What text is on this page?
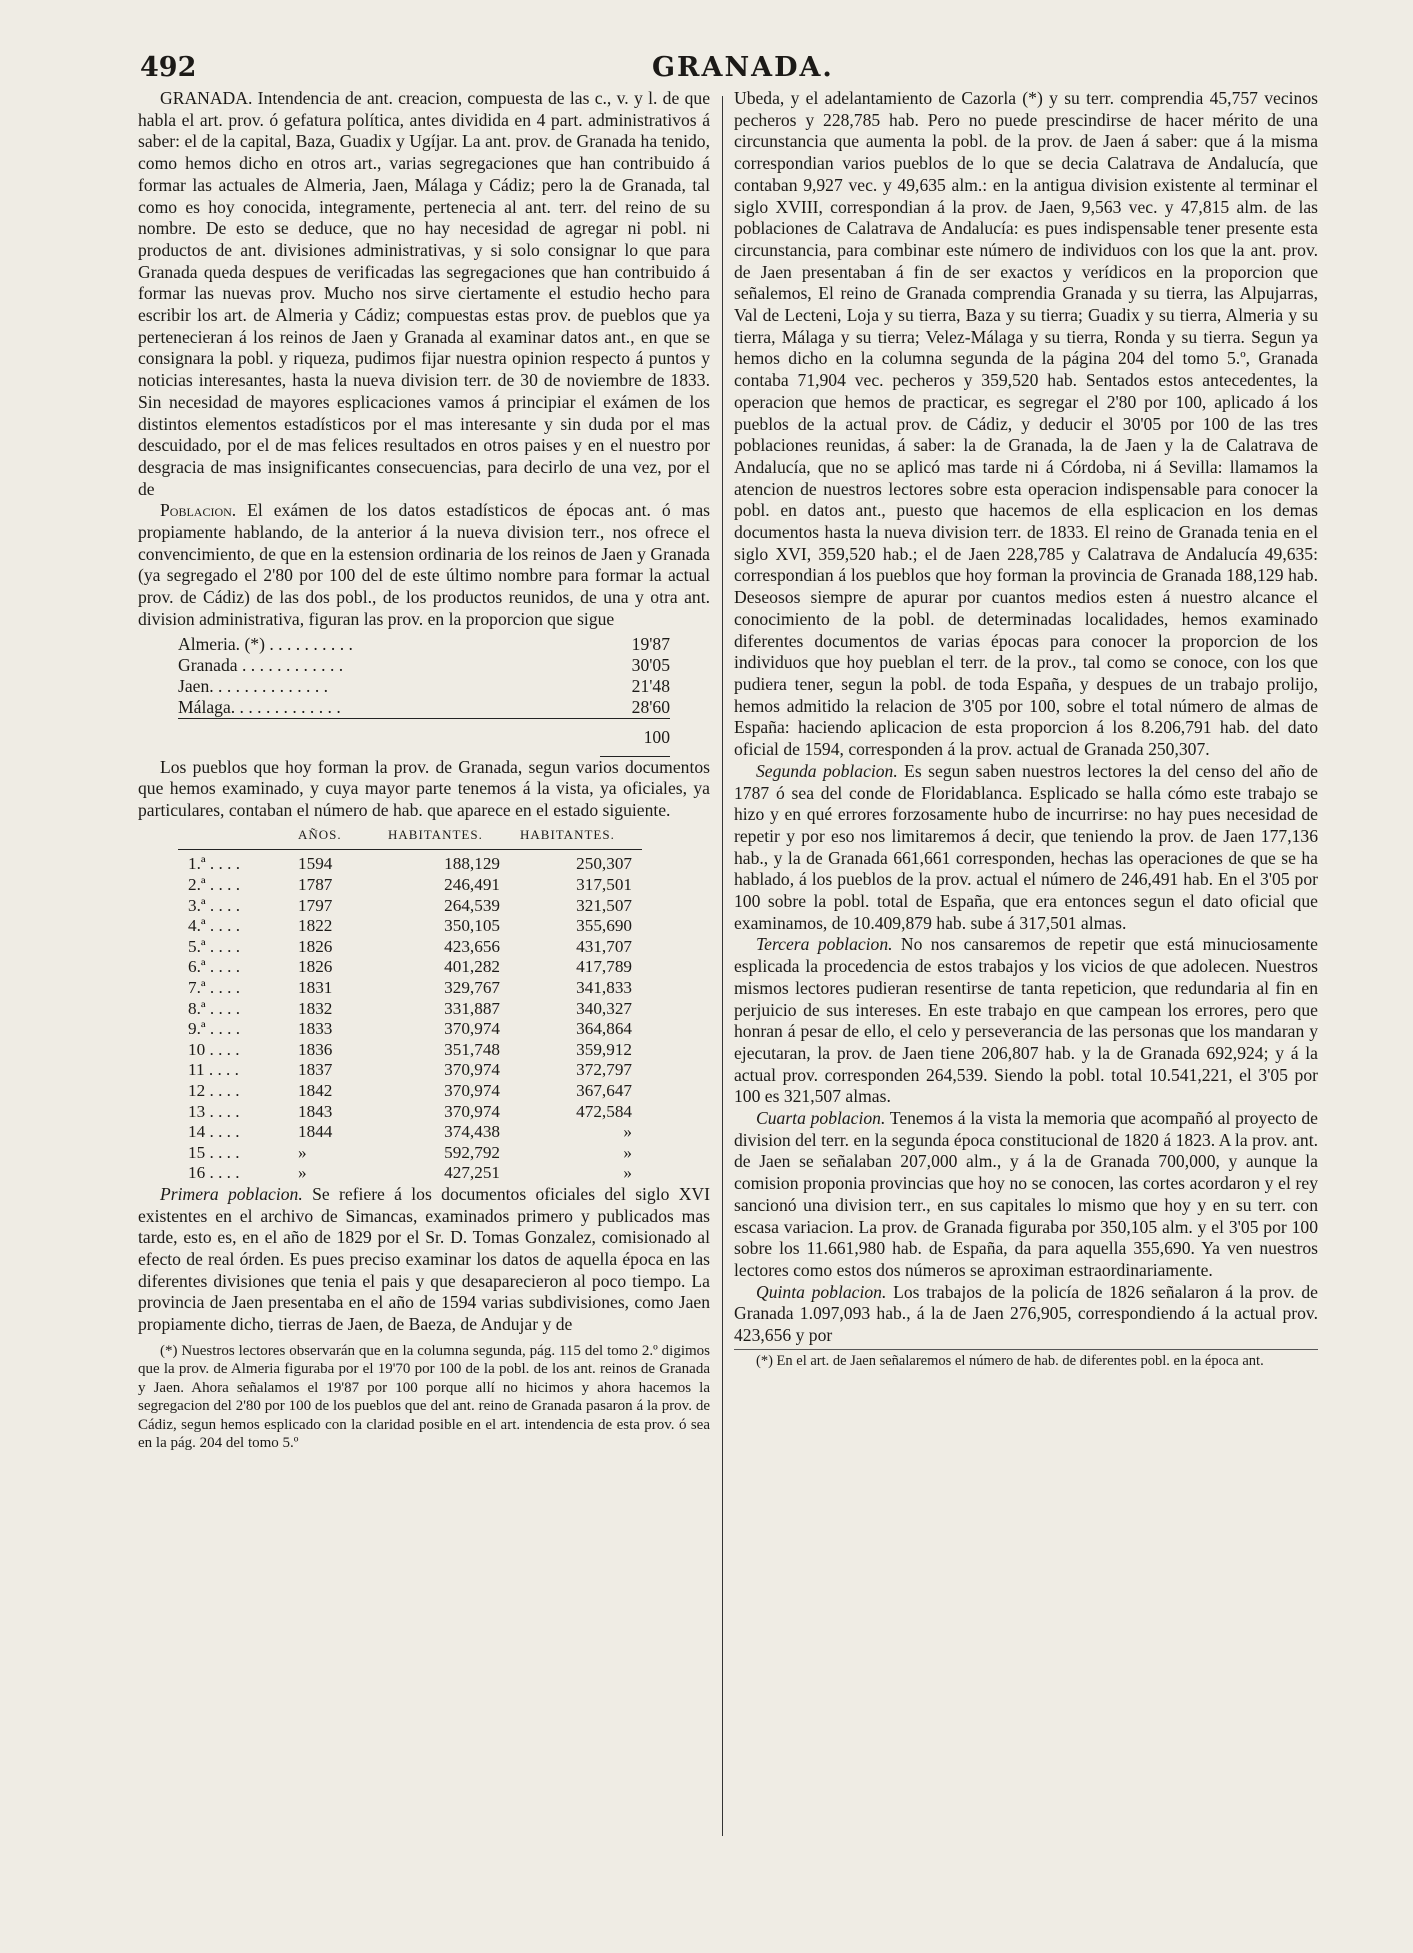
492	GRANADA.

GRANADA. Intendencia de ant. creacion, compuesta de las c., v. y l. de que habla el art. prov. ó gefatura política, antes dividida en 4 part. administrativos á saber: el de la capital, Baza, Guadix y Ugíjar. La ant. prov. de Granada ha tenido, como hemos dicho en otros art., varias segregaciones que han contribuido á formar las actuales de Almeria, Jaen, Málaga y Cádiz; pero la de Granada, tal como es hoy conocida, integramente, pertenecia al ant. terr. del reino de su nombre. De esto se deduce, que no hay necesidad de agregar ni pobl. ni productos de ant. divisiones administrativas, y si solo consignar lo que para Granada queda despues de verificadas las segregaciones que han contribuido á formar las nuevas prov. Mucho nos sirve ciertamente el estudio hecho para escribir los art. de Almeria y Cádiz; compuestas estas prov. de pueblos que ya pertenecieran á los reinos de Jaen y Granada al examinar datos ant., en que se consignara la pobl. y riqueza, pudimos fijar nuestra opinion respecto á puntos y noticias interesantes, hasta la nueva division terr. de 30 de noviembre de 1833. Sin necesidad de mayores esplicaciones vamos á principiar el exámen de los distintos elementos estadísticos por el mas interesante y sin duda por el mas descuidado, por el de mas felices resultados en otros paises y en el nuestro por desgracia de mas insignificantes consecuencias, para decirlo de una vez, por el de

Poblacion. El exámen de los datos estadísticos de épocas ant. ó mas propiamente hablando, de la anterior á la nueva division terr., nos ofrece el convencimiento, de que en la estension ordinaria de los reinos de Jaen y Granada (ya segregado el 2'80 por 100 del de este último nombre para formar la actual prov. de Cádiz) de las dos pobl., de los productos reunidos, de una y otra ant. division administrativa, figuran las prov. en la proporcion que sigue

Almeria. (*) . . . . . . . . . .	19'87
Granada . . . . . . . . . . . .	30'05
Jaen. . . . . . . . . . . . . .	21'48
Málaga. . . . . . . . . . . . .	28'60
	100

Los pueblos que hoy forman la prov. de Granada, segun varios documentos que hemos examinado, y cuya mayor parte tenemos á la vista, ya oficiales, ya particulares, contaban el número de hab. que aparece en el estado siguiente.

	AÑOS.	HABITANTES.	HABITANTES.
1.ª . . . .	1594	188,129	250,307
2.ª . . . .	1787	246,491	317,501
3.ª . . . .	1797	264,539	321,507
4.ª . . . .	1822	350,105	355,690
5.ª . . . .	1826	423,656	431,707
6.ª . . . .	1826	401,282	417,789
7.ª . . . .	1831	329,767	341,833
8.ª . . . .	1832	331,887	340,327
9.ª . . . .	1833	370,974	364,864
10 . . . .	1836	351,748	359,912
11 . . . .	1837	370,974	372,797
12 . . . .	1842	370,974	367,647
13 . . . .	1843	370,974	472,584
14 . . . .	1844	374,438	»
15 . . . .	»	592,792	»
16 . . . .	»	427,251	»

Primera poblacion. Se refiere á los documentos oficiales del siglo XVI existentes en el archivo de Simancas, examinados primero y publicados mas tarde, esto es, en el año de 1829 por el Sr. D. Tomas Gonzalez, comisionado al efecto de real órden. Es pues preciso examinar los datos de aquella época en las diferentes divisiones que tenia el pais y que desaparecieron al poco tiempo. La provincia de Jaen presentaba en el año de 1594 varias subdivisiones, como Jaen propiamente dicho, tierras de Jaen, de Baeza, de Andujar y de

(*) Nuestros lectores observarán que en la columna segunda, pág. 115 del tomo 2.º digimos que la prov. de Almeria figuraba por el 19'70 por 100 de la pobl. de los ant. reinos de Granada y Jaen. Ahora señalamos el 19'87 por 100 porque allí no hicimos y ahora hacemos la segregacion del 2'80 por 100 de los pueblos que del ant. reino de Granada pasaron á la prov. de Cádiz, segun hemos esplicado con la claridad posible en el art. intendencia de esta prov. ó sea en la pág. 204 del tomo 5.º

Ubeda, y el adelantamiento de Cazorla (*) y su terr. comprendia 45,757 vecinos pecheros y 228,785 hab. Pero no puede prescindirse de hacer mérito de una circunstancia que aumenta la pobl. de la prov. de Jaen á saber: que á la misma correspondian varios pueblos de lo que se decia Calatrava de Andalucía, que contaban 9,927 vec. y 49,635 alm.: en la antigua division existente al terminar el siglo XVIII, correspondian á la prov. de Jaen, 9,563 vec. y 47,815 alm. de las poblaciones de Calatrava de Andalucía: es pues indispensable tener presente esta circunstancia, para combinar este número de individuos con los que la ant. prov. de Jaen presentaban á fin de ser exactos y verídicos en la proporcion que señalemos, El reino de Granada comprendia Granada y su tierra, las Alpujarras, Val de Lecteni, Loja y su tierra, Baza y su tierra; Guadix y su tierra, Almeria y su tierra, Málaga y su tierra; Velez-Málaga y su tierra, Ronda y su tierra. Segun ya hemos dicho en la columna segunda de la página 204 del tomo 5.º, Granada contaba 71,904 vec. pecheros y 359,520 hab. Sentados estos antecedentes, la operacion que hemos de practicar, es segregar el 2'80 por 100, aplicado á los pueblos de la actual prov. de Cádiz, y deducir el 30'05 por 100 de las tres poblaciones reunidas, á saber: la de Granada, la de Jaen y la de Calatrava de Andalucía, que no se aplicó mas tarde ni á Córdoba, ni á Sevilla: llamamos la atencion de nuestros lectores sobre esta operacion indispensable para conocer la pobl. en datos ant., puesto que hacemos de ella esplicacion en los demas documentos hasta la nueva division terr. de 1833. El reino de Granada tenia en el siglo XVI, 359,520 hab.; el de Jaen 228,785 y Calatrava de Andalucía 49,635: correspondian á los pueblos que hoy forman la provincia de Granada 188,129 hab. Deseosos siempre de apurar por cuantos medios esten á nuestro alcance el conocimiento de la pobl. de determinadas localidades, hemos examinado diferentes documentos de varias épocas para conocer la proporcion de los individuos que hoy pueblan el terr. de la prov., tal como se conoce, con los que pudiera tener, segun la pobl. de toda España, y despues de un trabajo prolijo, hemos admitido la relacion de 3'05 por 100, sobre el total número de almas de España: haciendo aplicacion de esta proporcion á los 8.206,791 hab. del dato oficial de 1594, corresponden á la prov. actual de Granada 250,307.

Segunda poblacion. Es segun saben nuestros lectores la del censo del año de 1787 ó sea del conde de Floridablanca. Esplicado se halla cómo este trabajo se hizo y en qué errores forzosamente hubo de incurrirse: no hay pues necesidad de repetir y por eso nos limitaremos á decir, que teniendo la prov. de Jaen 177,136 hab., y la de Granada 661,661 corresponden, hechas las operaciones de que se ha hablado, á los pueblos de la prov. actual el número de 246,491 hab. En el 3'05 por 100 sobre la pobl. total de España, que era entonces segun el dato oficial que examinamos, de 10.409,879 hab. sube á 317,501 almas.

Tercera poblacion. No nos cansaremos de repetir que está minuciosamente esplicada la procedencia de estos trabajos y los vicios de que adolecen. Nuestros mismos lectores pudieran resentirse de tanta repeticion, que redundaria al fin en perjuicio de sus intereses. En este trabajo en que campean los errores, pero que honran á pesar de ello, el celo y perseverancia de las personas que los mandaran y ejecutaran, la prov. de Jaen tiene 206,807 hab. y la de Granada 692,924; y á la actual prov. corresponden 264,539. Siendo la pobl. total 10.541,221, el 3'05 por 100 es 321,507 almas.

Cuarta poblacion. Tenemos á la vista la memoria que acompañó al proyecto de division del terr. en la segunda época constitucional de 1820 á 1823. A la prov. ant. de Jaen se señalaban 207,000 alm., y á la de Granada 700,000, y aunque la comision proponia provincias que hoy no se conocen, las cortes acordaron y el rey sancionó una division terr., en sus capitales lo mismo que hoy y en su terr. con escasa variacion. La prov. de Granada figuraba por 350,105 alm. y el 3'05 por 100 sobre los 11.661,980 hab. de España, da para aquella 355,690. Ya ven nuestros lectores como estos dos números se aproximan estraordinariamente.

Quinta poblacion. Los trabajos de la policía de 1826 señalaron á la prov. de Granada 1.097,093 hab., á la de Jaen 276,905, correspondiendo á la actual prov. 423,656 y por

(*) En el art. de Jaen señalaremos el número de hab. de diferentes pobl. en la época ant.
